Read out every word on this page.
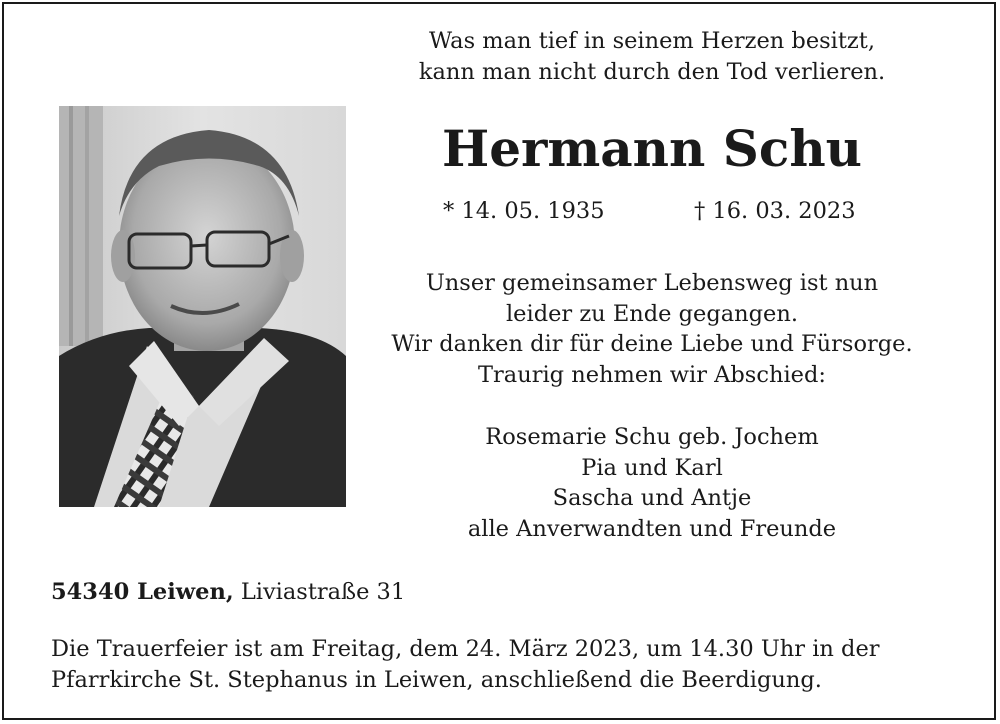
Was man tief in seinem Herzen besitzt,
kann man nicht durch den Tod verlieren.
Hermann Schu
* 14. 05. 1935	† 16. 03. 2023
Unser gemeinsamer Lebensweg ist nun
leider zu Ende gegangen.
Wir danken dir für deine Liebe und Fürsorge.
Traurig nehmen wir Abschied:
Rosemarie Schu geb. Jochem
Pia und Karl
Sascha und Antje
alle Anverwandten und Freunde
54340 Leiwen, Liviastraße 31
Die Trauerfeier ist am Freitag, dem 24. März 2023, um 14.30 Uhr in der
Pfarrkirche St. Stephanus in Leiwen, anschließend die Beerdigung.
